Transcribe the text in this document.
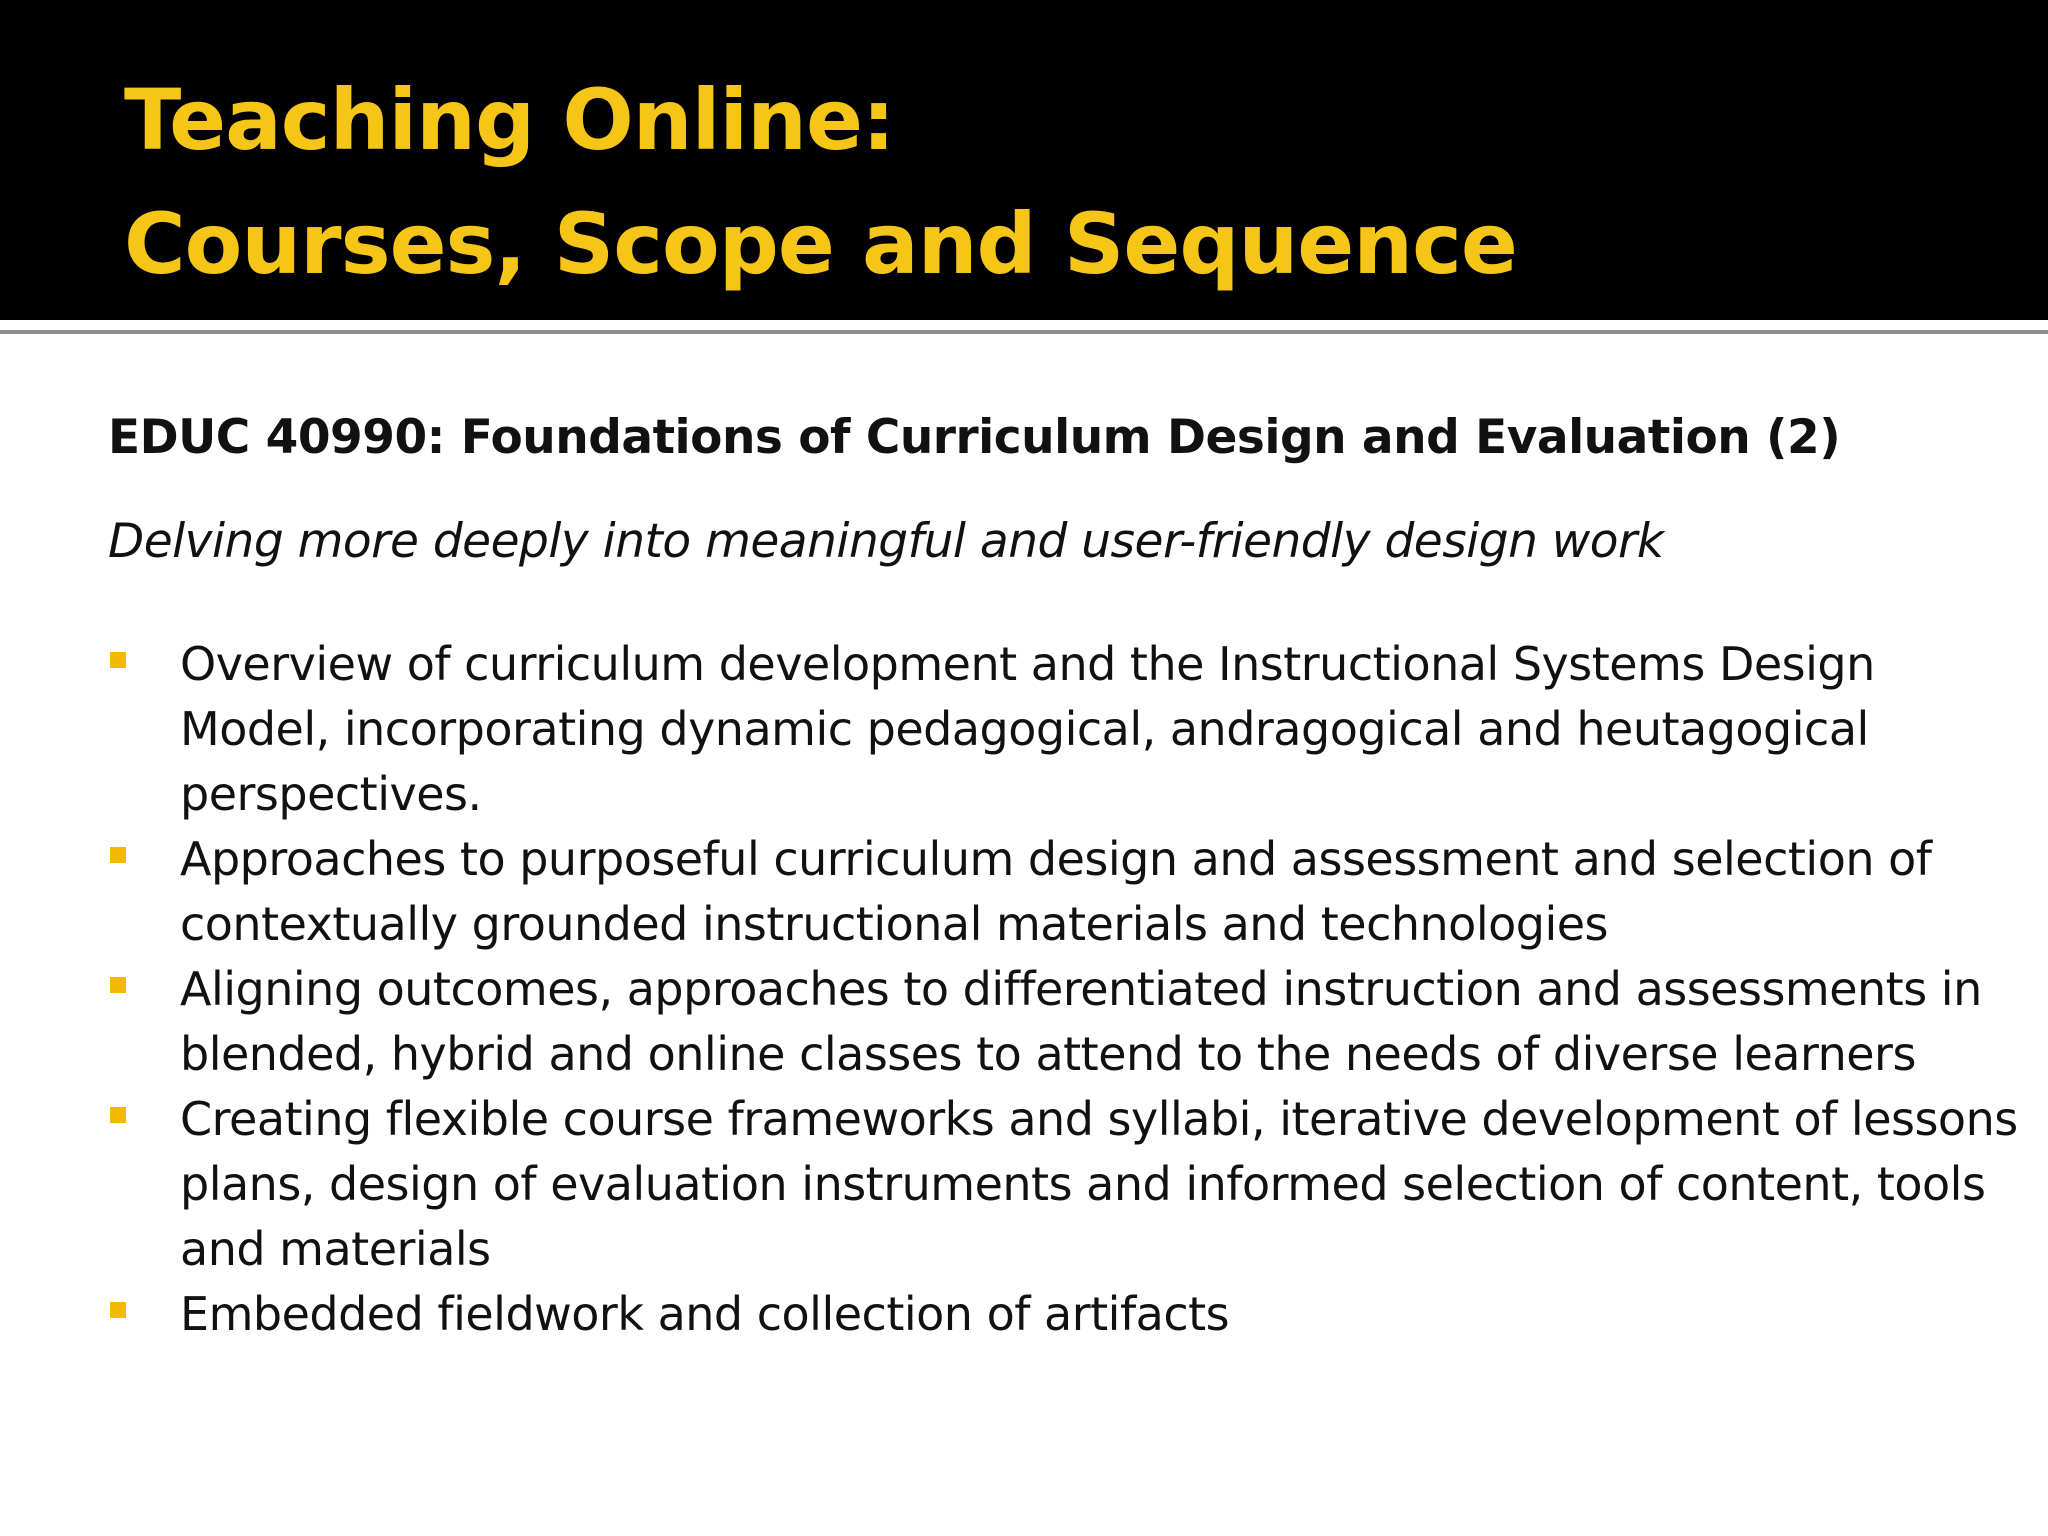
Teaching Online:
Courses, Scope and Sequence

EDUC 40990: Foundations of Curriculum Design and Evaluation (2)

Delving more deeply into meaningful and user-friendly design work

Overview of curriculum development and the Instructional Systems Design Model, incorporating dynamic pedagogical, andragogical and heutagogical perspectives.
Approaches to purposeful curriculum design and assessment and selection of contextually grounded instructional materials and technologies
Aligning outcomes, approaches to differentiated instruction and assessments in blended, hybrid and online classes to attend to the needs of diverse learners
Creating flexible course frameworks and syllabi, iterative development of lessons plans, design of evaluation instruments and informed selection of content, tools and materials
Embedded fieldwork and collection of artifacts
